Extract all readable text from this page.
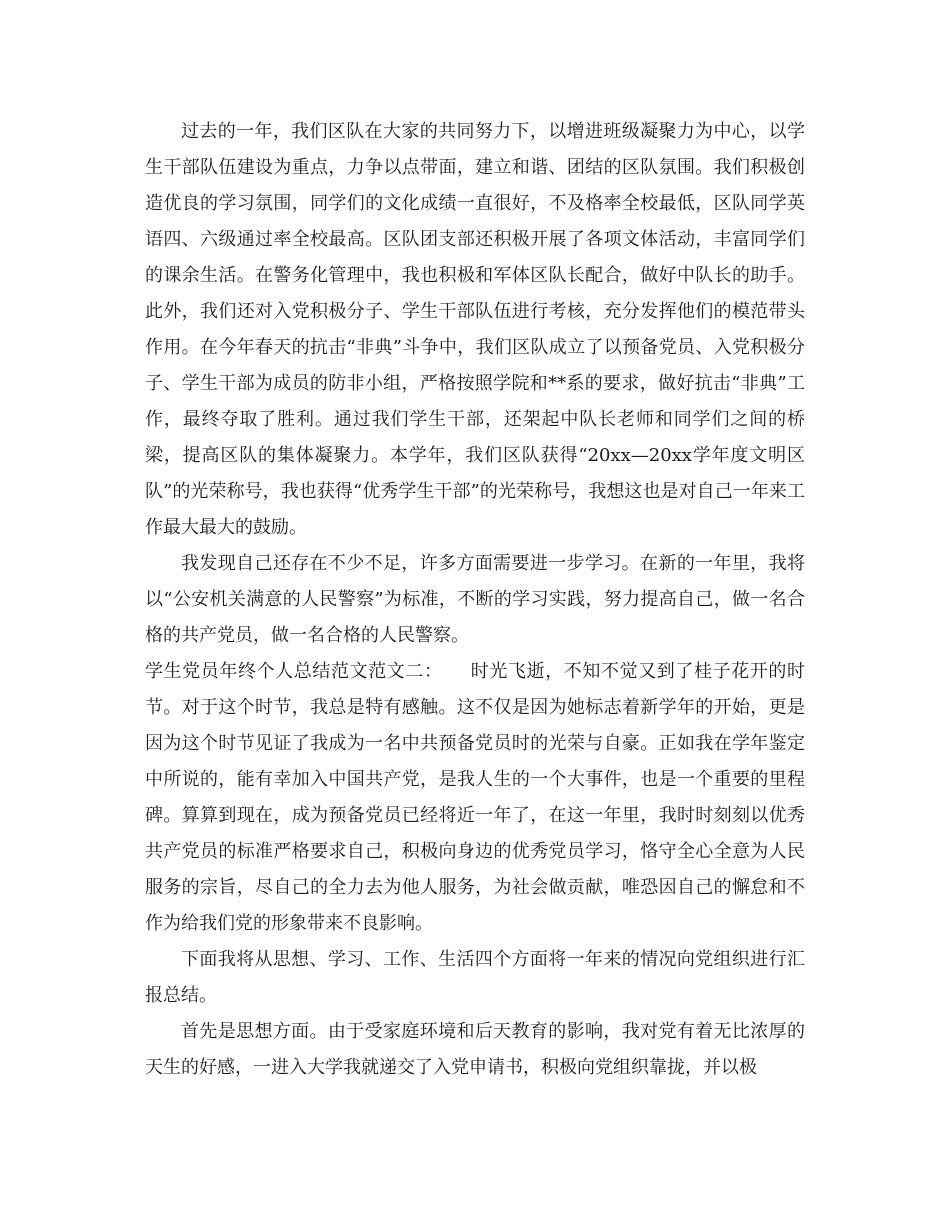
过去的一年，我们区队在大家的共同努力下，以增进班级凝聚力为中心，以学生干部队伍建设为重点，力争以点带面，建立和谐、团结的区队氛围。我们积极创造优良的学习氛围，同学们的文化成绩一直很好，不及格率全校最低，区队同学英语四、六级通过率全校最高。区队团支部还积极开展了各项文体活动，丰富同学们的课余生活。在警务化管理中，我也积极和军体区队长配合，做好中队长的助手。此外，我们还对入党积极分子、学生干部队伍进行考核，充分发挥他们的模范带头作用。在今年春天的抗击“非典”斗争中，我们区队成立了以预备党员、入党积极分子、学生干部为成员的防非小组，严格按照学院和**系的要求，做好抗击“非典”工作，最终夺取了胜利。通过我们学生干部，还架起中队长老师和同学们之间的桥梁，提高区队的集体凝聚力。本学年，我们区队获得“20xx—20xx学年度文明区队”的光荣称号，我也获得“优秀学生干部”的光荣称号，我想这也是对自己一年来工作最大最大的鼓励。

我发现自己还存在不少不足，许多方面需要进一步学习。在新的一年里，我将以“公安机关满意的人民警察”为标准，不断的学习实践，努力提高自己，做一名合格的共产党员，做一名合格的人民警察。

学生党员年终个人总结范文范文二：　　时光飞逝，不知不觉又到了桂子花开的时节。对于这个时节，我总是特有感触。这不仅是因为她标志着新学年的开始，更是因为这个时节见证了我成为一名中共预备党员时的光荣与自豪。正如我在学年鉴定中所说的，能有幸加入中国共产党，是我人生的一个大事件，也是一个重要的里程碑。算算到现在，成为预备党员已经将近一年了，在这一年里，我时时刻刻以优秀共产党员的标准严格要求自己，积极向身边的优秀党员学习，恪守全心全意为人民服务的宗旨，尽自己的全力去为他人服务，为社会做贡献，唯恐因自己的懈怠和不作为给我们党的形象带来不良影响。

下面我将从思想、学习、工作、生活四个方面将一年来的情况向党组织进行汇报总结。

首先是思想方面。由于受家庭环境和后天教育的影响，我对党有着无比浓厚的天生的好感，一进入大学我就递交了入党申请书，积极向党组织靠拢，并以极
